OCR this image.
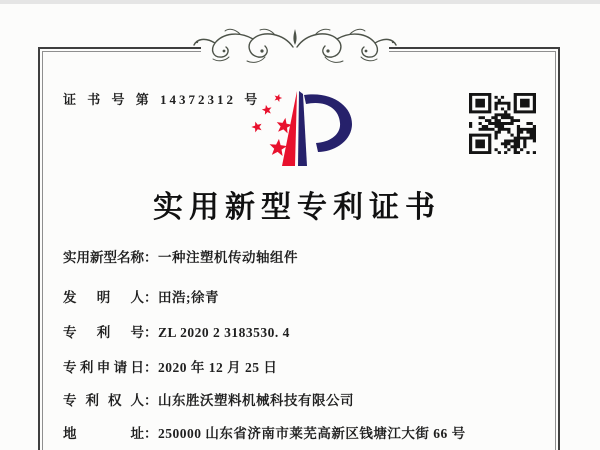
证 书 号 第 14372312 号
实用新型专利证书
实用新型名称：一种注塑机传动轴组件
发明人：田浩;徐青
专利号：ZL 2020 2 3183530. 4
专利申请日：2020 年 12 月 25 日
专利权人：山东胜沃塑料机械科技有限公司
地址：250000 山东省济南市莱芜高新区钱塘江大街 66 号
